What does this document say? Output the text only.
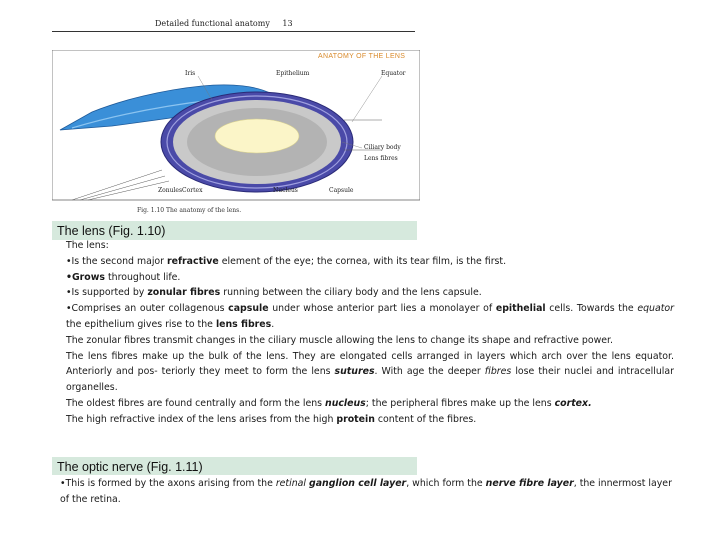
Detailed functional anatomy 13
ANATOMY OF THE LENS
Iris	Epithelium	Equator
Ciliary body
Lens fibres
ZonulesCortex	Nucleus	Capsule
Fig. 1.10 The anatomy of the lens.
The lens (Fig. 1.10)

The lens:

•Is the second major refractive element of the eye; the cornea, with its tear film, is the first.

•Grows throughout life.

•Is supported by zonular fibres running between the ciliary body and the lens capsule.

•Comprises an outer collagenous capsule under whose anterior part lies a monolayer of epithelial cells. Towards the equator the epithelium gives rise to the lens fibres.

The zonular fibres transmit changes in the ciliary muscle allowing the lens to change its shape and refractive power.

The lens fibres make up the bulk of the lens. They are elongated cells arranged in layers which arch over the lens equator. Anteriorly and pos- teriorly they meet to form the lens sutures. With age the deeper fibres lose their nuclei and intracellular organelles.

The oldest fibres are found centrally and form the lens nucleus; the peripheral fibres make up the lens cortex.

The high refractive index of the lens arises from the high protein content of the fibres.

The optic nerve (Fig. 1.11)

•This is formed by the axons arising from the retinal ganglion cell layer, which form the nerve fibre layer, the innermost layer of the retina.
